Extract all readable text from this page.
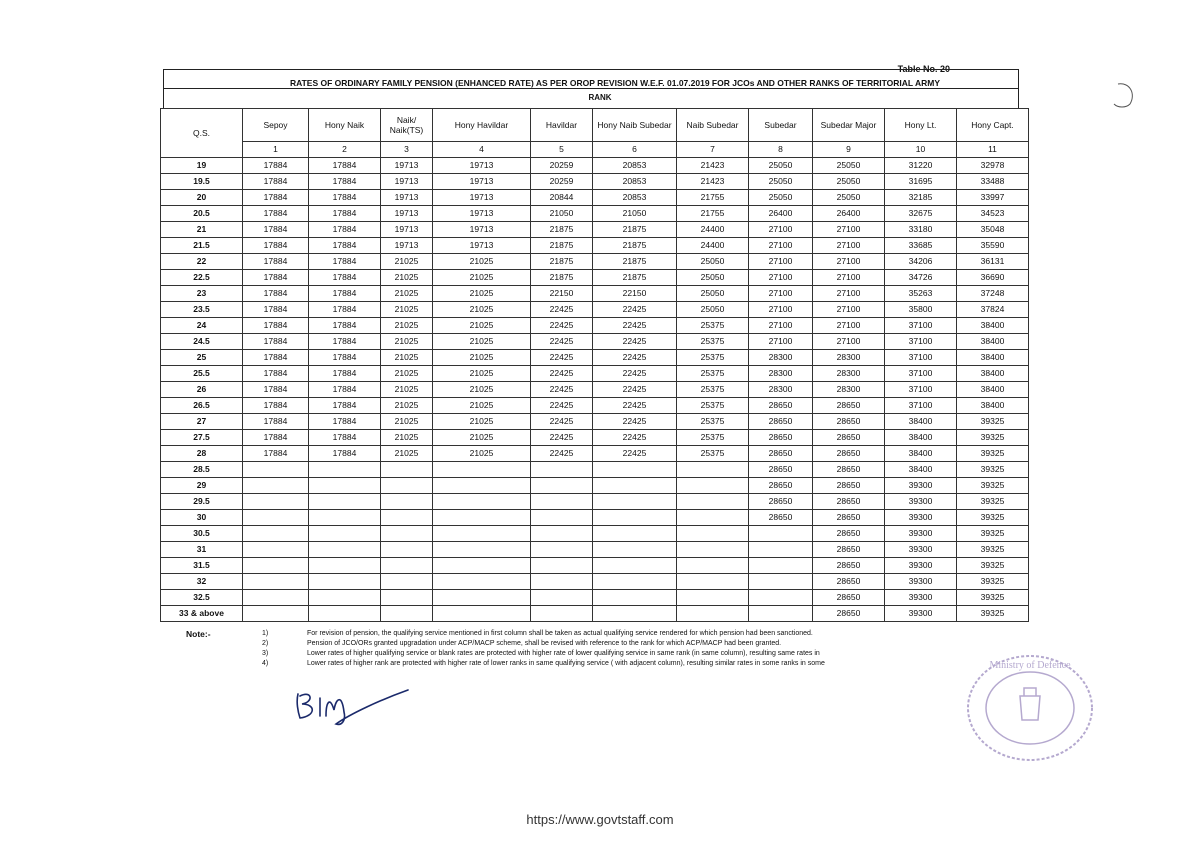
Table No. 20
RATES OF ORDINARY FAMILY PENSION (ENHANCED RATE) AS PER OROP REVISION W.E.F. 01.07.2019 FOR JCOs AND OTHER RANKS OF TERRITORIAL ARMY
RANK
Q.S.	Sepoy	Hony Naik	Naik/ Naik(TS)	Hony Havildar	Havildar	Hony Naib Subedar	Naib Subedar	Subedar	Subedar Major	Hony Lt.	Hony Capt.
	1	2	3	4	5	6	7	8	9	10	11
19	17884	17884	19713	19713	20259	20853	21423	25050	25050	31220	32978
19.5	17884	17884	19713	19713	20259	20853	21423	25050	25050	31695	33488
20	17884	17884	19713	19713	20844	20853	21755	25050	25050	32185	33997
20.5	17884	17884	19713	19713	21050	21050	21755	26400	26400	32675	34523
21	17884	17884	19713	19713	21875	21875	24400	27100	27100	33180	35048
21.5	17884	17884	19713	19713	21875	21875	24400	27100	27100	33685	35590
22	17884	17884	21025	21025	21875	21875	25050	27100	27100	34206	36131
22.5	17884	17884	21025	21025	21875	21875	25050	27100	27100	34726	36690
23	17884	17884	21025	21025	22150	22150	25050	27100	27100	35263	37248
23.5	17884	17884	21025	21025	22425	22425	25050	27100	27100	35800	37824
24	17884	17884	21025	21025	22425	22425	25375	27100	27100	37100	38400
24.5	17884	17884	21025	21025	22425	22425	25375	27100	27100	37100	38400
25	17884	17884	21025	21025	22425	22425	25375	28300	28300	37100	38400
25.5	17884	17884	21025	21025	22425	22425	25375	28300	28300	37100	38400
26	17884	17884	21025	21025	22425	22425	25375	28300	28300	37100	38400
26.5	17884	17884	21025	21025	22425	22425	25375	28650	28650	37100	38400
27	17884	17884	21025	21025	22425	22425	25375	28650	28650	38400	39325
27.5	17884	17884	21025	21025	22425	22425	25375	28650	28650	38400	39325
28	17884	17884	21025	21025	22425	22425	25375	28650	28650	38400	39325
28.5								28650	28650	38400	39325
29								28650	28650	39300	39325
29.5								28650	28650	39300	39325
30								28650	28650	39300	39325
30.5									28650	39300	39325
31									28650	39300	39325
31.5									28650	39300	39325
32									28650	39300	39325
32.5									28650	39300	39325
33 & above									28650	39300	39325
Note:-	1)	For revision of pension, the qualifying service mentioned in first column shall be taken as actual qualifying service rendered for which pension had been sanctioned.
2)	Pension of JCO/ORs granted upgradation under ACP/MACP scheme, shall be revised with reference to the rank for which ACP/MACP had been granted.
3)	Lower rates of higher qualifying service or blank rates are protected with higher rate of lower qualifying service in same rank (in same column), resulting same rates in
4)	Lower rates of higher rank are protected with higher rate of lower ranks in same qualifying service ( with adjacent column), resulting similar rates in some ranks in some	Ministry of Defence
https://www.govtstaff.com
